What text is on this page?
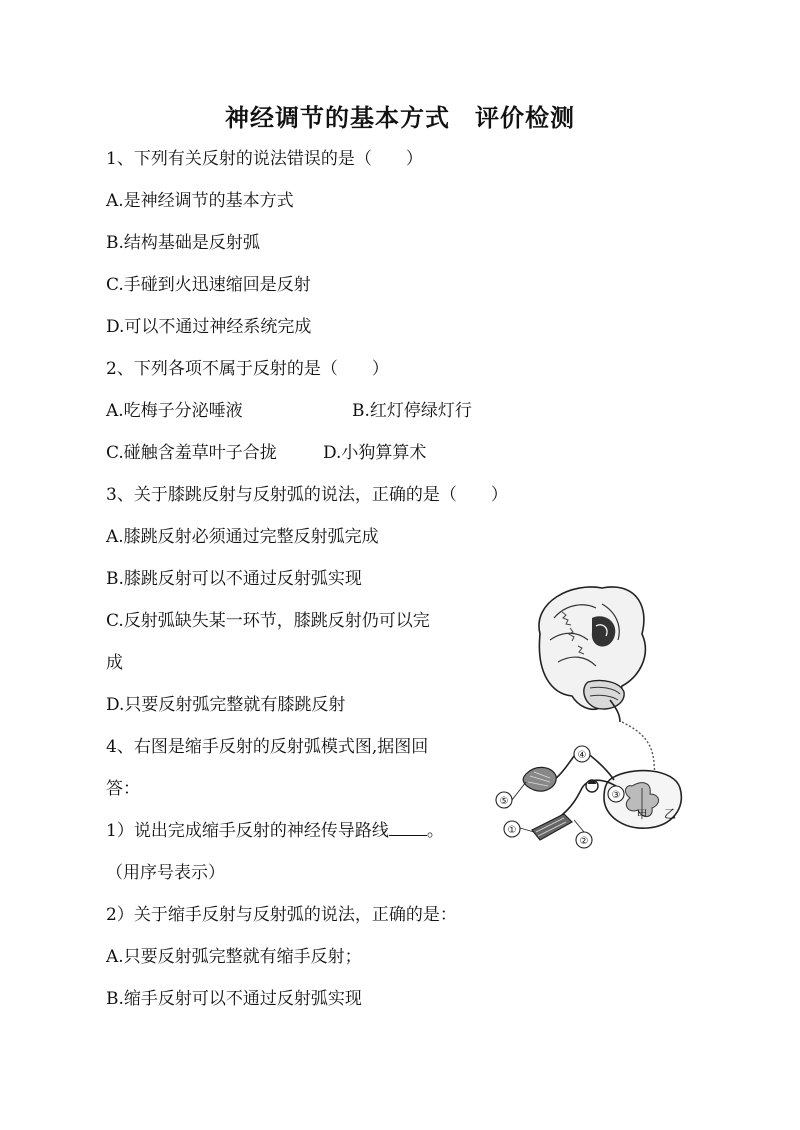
神经调节的基本方式　评价检测
1、下列有关反射的说法错误的是（　　）
A.是神经调节的基本方式
B.结构基础是反射弧
C.手碰到火迅速缩回是反射
D.可以不通过神经系统完成
2、下列各项不属于反射的是（　　）
A.吃梅子分泌唾液	B.红灯停绿灯行
C.碰触含羞草叶子合拢	D.小狗算算术
3、关于膝跳反射与反射弧的说法，正确的是（　　）
A.膝跳反射必须通过完整反射弧完成
B.膝跳反射可以不通过反射弧实现
C.反射弧缺失某一环节，膝跳反射仍可以完
成
D.只要反射弧完整就有膝跳反射
4、右图是缩手反射的反射弧模式图,据图回
答：
1）说出完成缩手反射的神经传导路线 。
（用序号表示）
2）关于缩手反射与反射弧的说法，正确的是：
A.只要反射弧完整就有缩手反射；
B.缩手反射可以不通过反射弧实现
①
②
③
④
⑤
甲 乙
